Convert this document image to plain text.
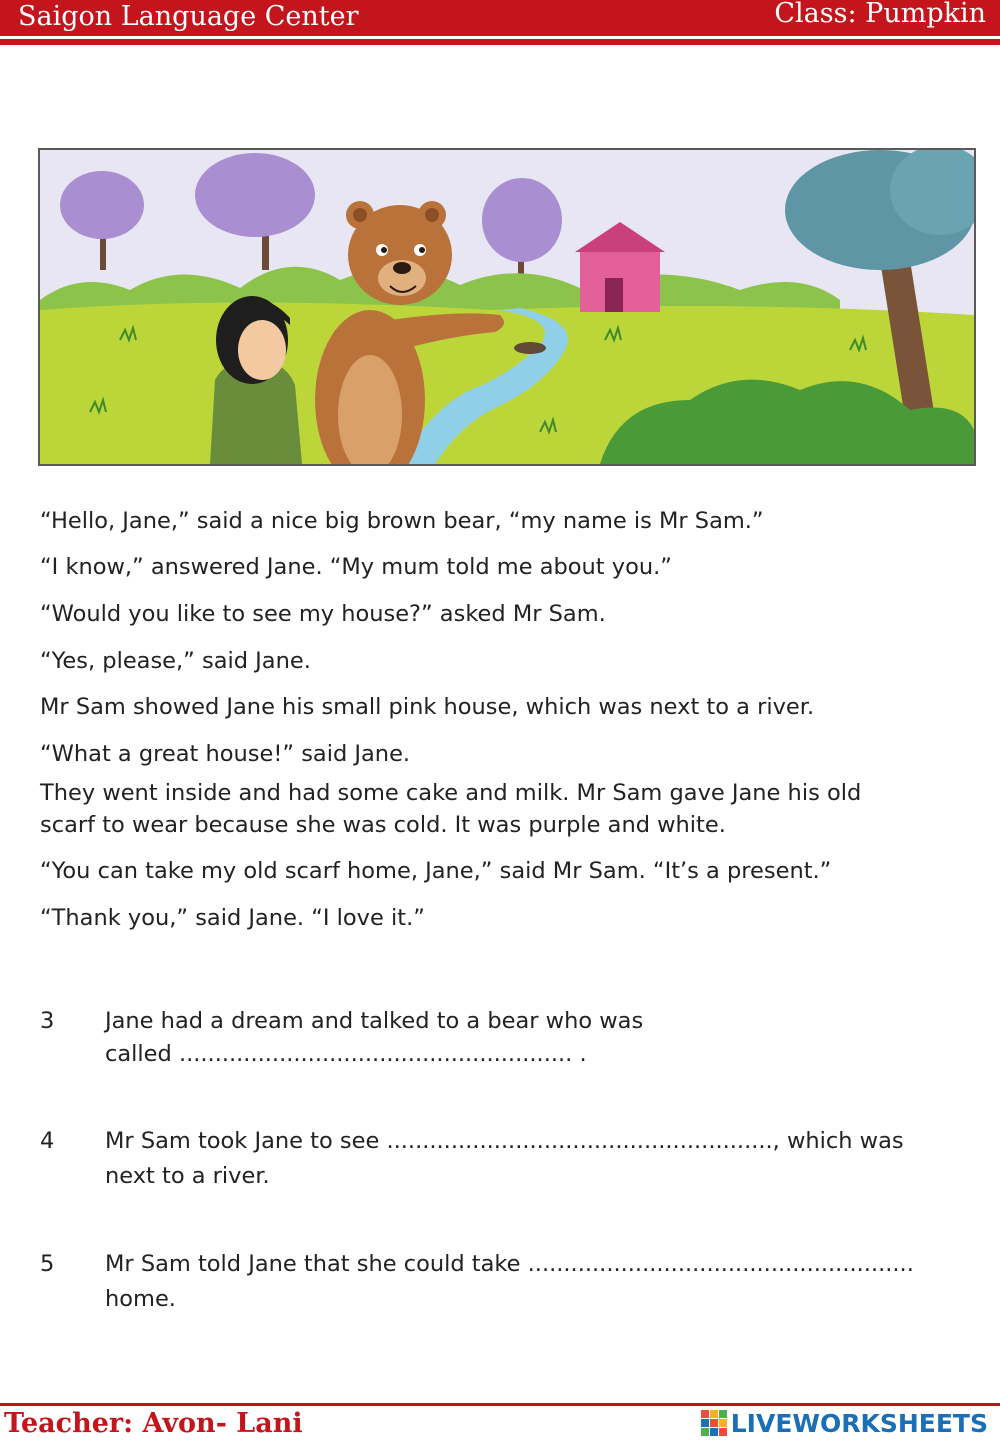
Saigon Language Center	Class: Pumpkin
“Hello, Jane,” said a nice big brown bear, “my name is Mr Sam.”
“I know,” answered Jane. “My mum told me about you.”
“Would you like to see my house?” asked Mr Sam.
“Yes, please,” said Jane.
Mr Sam showed Jane his small pink house, which was next to a river.
“What a great house!” said Jane.
They went inside and had some cake and milk. Mr Sam gave Jane his old
scarf to wear because she was cold. It was purple and white.
“You can take my old scarf home, Jane,” said Mr Sam. “It’s a present.”
“Thank you,” said Jane. “I love it.”
3 Jane had a dream and talked to a bear who was
called ....................................................... .
4 Mr Sam took Jane to see ......................................................, which was
next to a river.
5 Mr Sam told Jane that she could take ......................................................
home.
Teacher: Avon- Lani	LIVEWORKSHEETS
